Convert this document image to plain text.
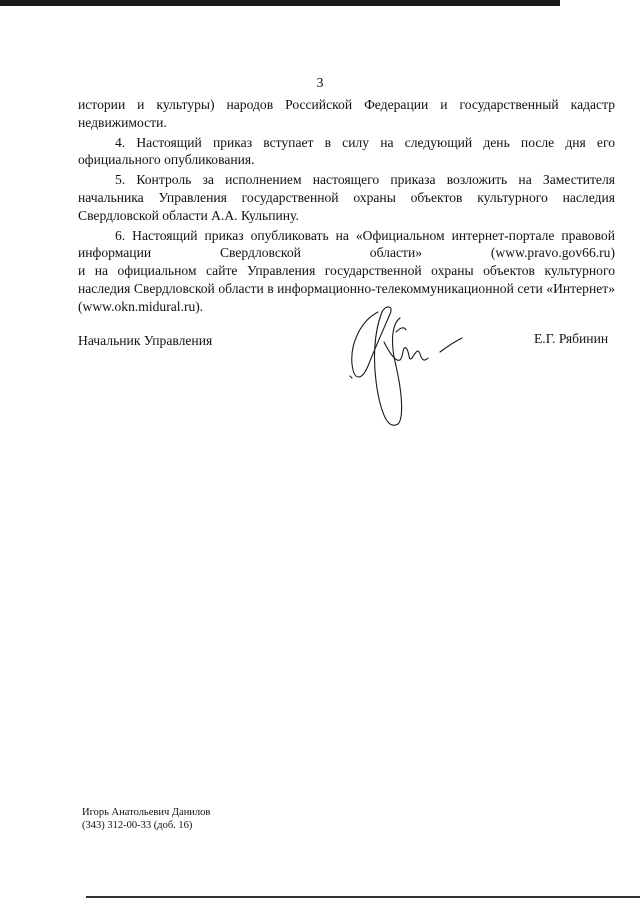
3

истории и культуры) народов Российской Федерации и государственный кадастр недвижимости.

4. Настоящий приказ вступает в силу на следующий день после дня его официального опубликования.

5. Контроль за исполнением настоящего приказа возложить на Заместителя начальника Управления государственной охраны объектов культурного наследия Свердловской области А.А. Кульпину.

6. Настоящий приказ опубликовать на «Официальном интернет-портале правовой информации Свердловской области» (www.pravo.gov66.ru)

и на официальном сайте Управления государственной охраны объектов культурного наследия Свердловской области в информационно-телекоммуникационной сети «Интернет» (www.okn.midural.ru).

Начальник Управления	Е.Г. Рябинин
Игорь Анатольевич Данилов
(343) 312-00-33 (доб. 16)
